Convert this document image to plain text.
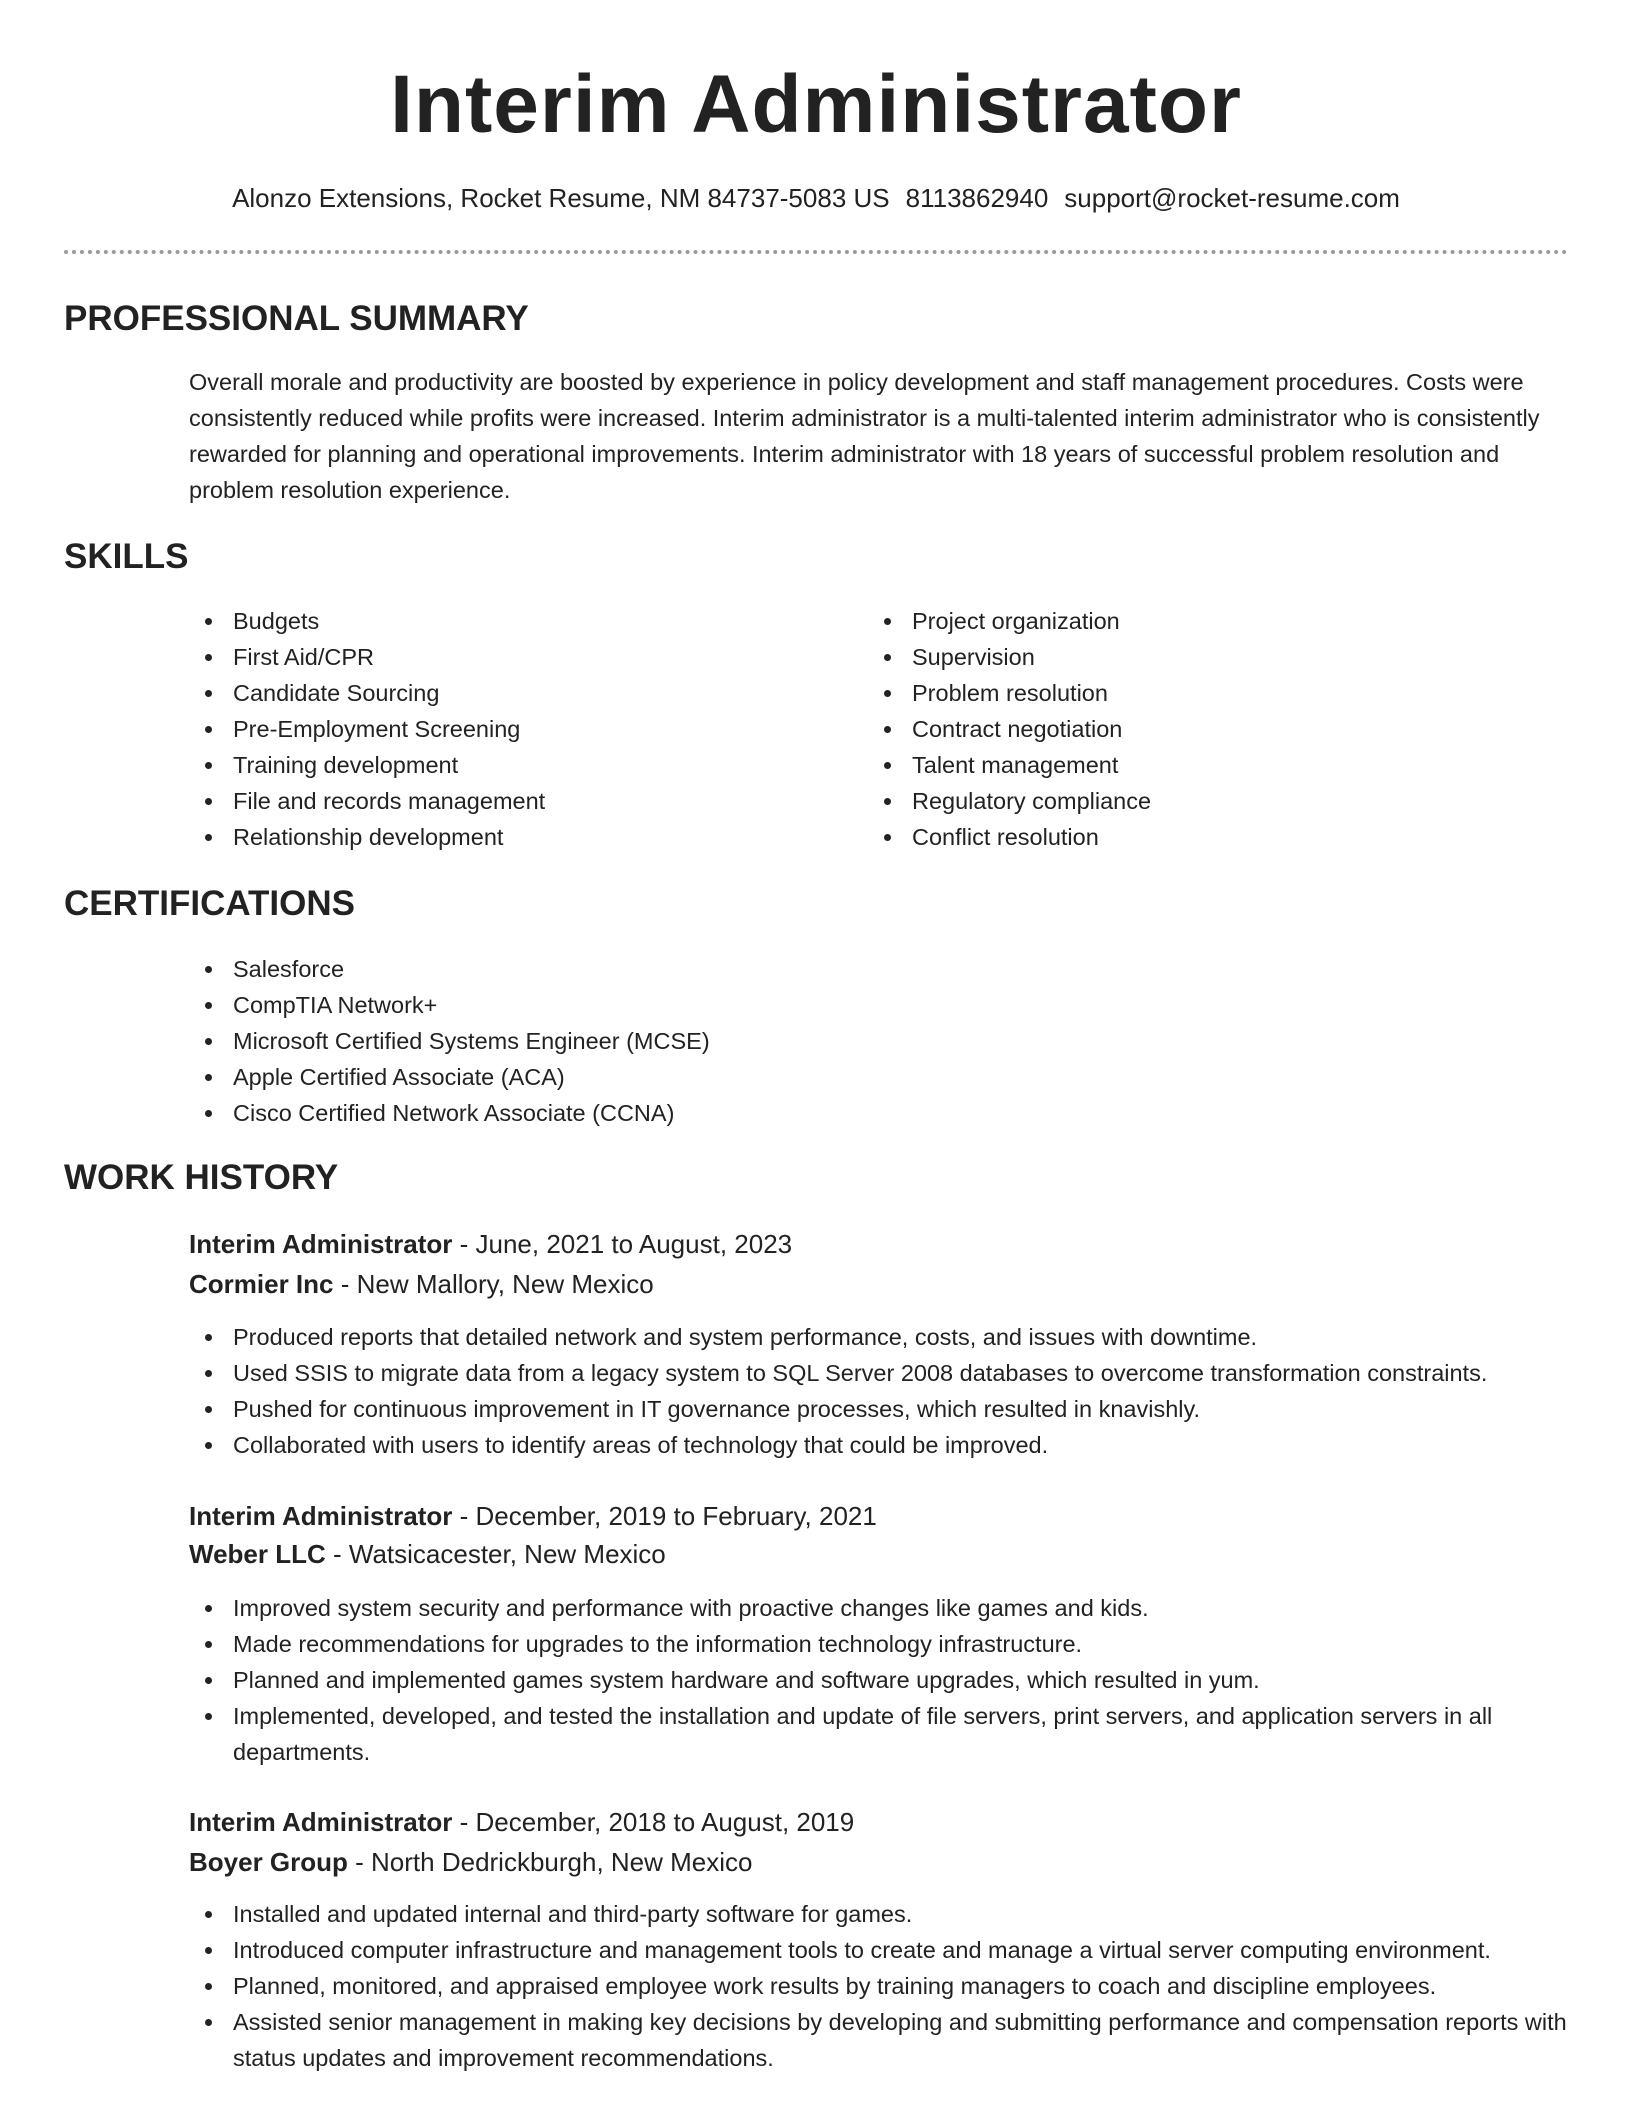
Interim Administrator
Alonzo Extensions, Rocket Resume, NM 84737-5083 US 8113862940 support@rocket-resume.com
PROFESSIONAL SUMMARY

Overall morale and productivity are boosted by experience in policy development and staff management procedures. Costs were consistently reduced while profits were increased. Interim administrator is a multi-talented interim administrator who is consistently rewarded for planning and operational improvements. Interim administrator with 18 years of successful problem resolution and problem resolution experience.

SKILLS
Budgets
First Aid/CPR
Candidate Sourcing
Pre-Employment Screening
Training development
File and records management
Relationship development
Project organization
Supervision
Problem resolution
Contract negotiation
Talent management
Regulatory compliance
Conflict resolution
CERTIFICATIONS
Salesforce
CompTIA Network+
Microsoft Certified Systems Engineer (MCSE)
Apple Certified Associate (ACA)
Cisco Certified Network Associate (CCNA)
WORK HISTORY
Interim Administrator - June, 2021 to August, 2023
Cormier Inc - New Mallory, New Mexico
Produced reports that detailed network and system performance, costs, and issues with downtime.
Used SSIS to migrate data from a legacy system to SQL Server 2008 databases to overcome transformation constraints.
Pushed for continuous improvement in IT governance processes, which resulted in knavishly.
Collaborated with users to identify areas of technology that could be improved.
Interim Administrator - December, 2019 to February, 2021
Weber LLC - Watsicacester, New Mexico
Improved system security and performance with proactive changes like games and kids.
Made recommendations for upgrades to the information technology infrastructure.
Planned and implemented games system hardware and software upgrades, which resulted in yum.
Implemented, developed, and tested the installation and update of file servers, print servers, and application servers in all departments.
Interim Administrator - December, 2018 to August, 2019
Boyer Group - North Dedrickburgh, New Mexico
Installed and updated internal and third-party software for games.
Introduced computer infrastructure and management tools to create and manage a virtual server computing environment.
Planned, monitored, and appraised employee work results by training managers to coach and discipline employees.
Assisted senior management in making key decisions by developing and submitting performance and compensation reports with status updates and improvement recommendations.
